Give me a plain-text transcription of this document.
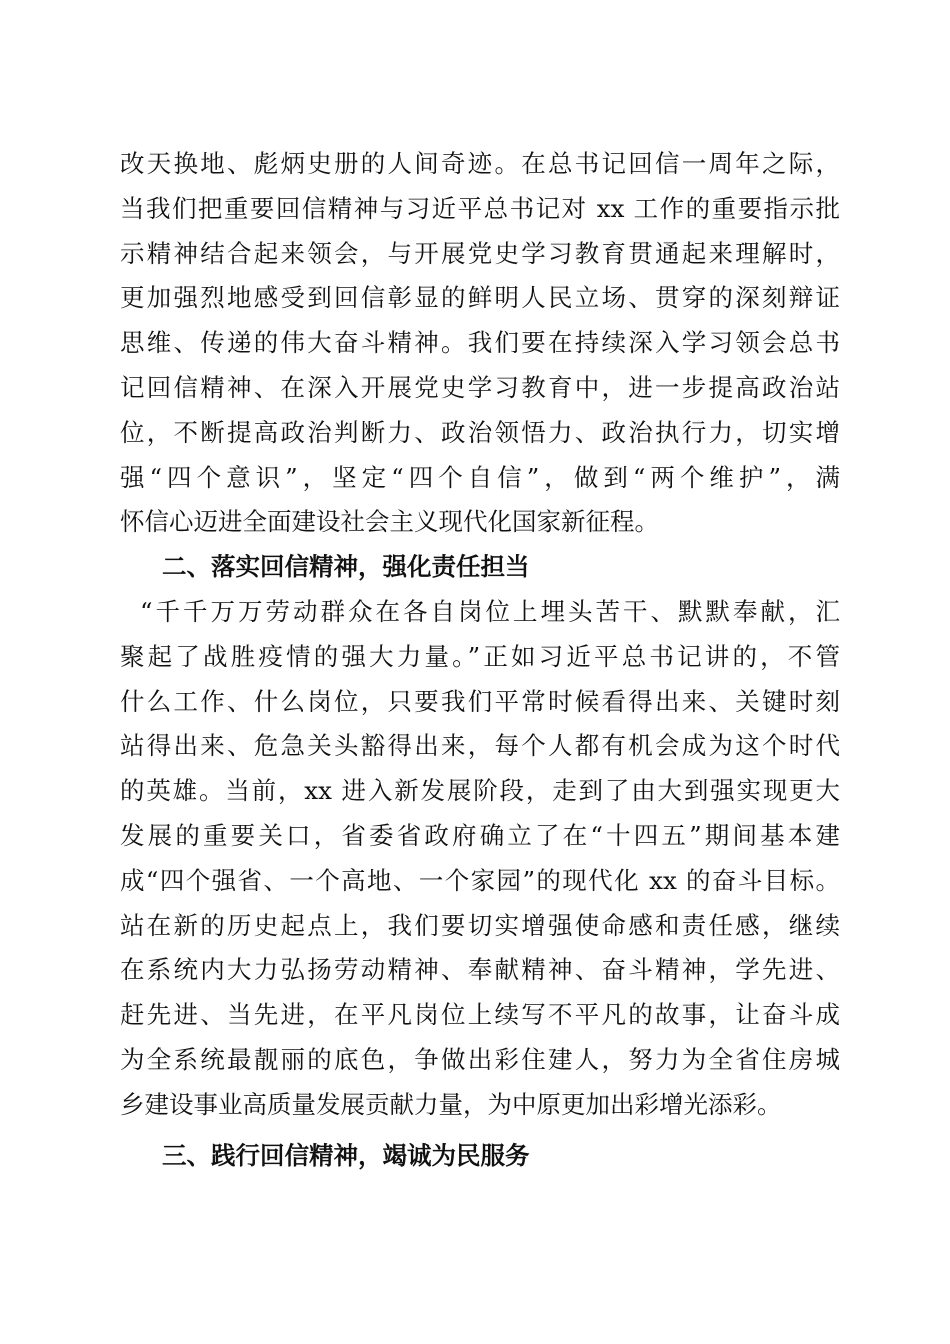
改天换地、彪炳史册的人间奇迹。在总书记回信一周年之际，
当我们把重要回信精神与习近平总书记对 xx 工作的重要指示批
示精神结合起来领会，与开展党史学习教育贯通起来理解时，
更加强烈地感受到回信彰显的鲜明人民立场、贯穿的深刻辩证
思维、传递的伟大奋斗精神。我们要在持续深入学习领会总书
记回信精神、在深入开展党史学习教育中，进一步提高政治站
位，不断提高政治判断力、政治领悟力、政治执行力，切实增
强“四个意识”，坚定“四个自信”，做到“两个维护”，满
怀信心迈进全面建设社会主义现代化国家新征程。
二、落实回信精神，强化责任担当
“千千万万劳动群众在各自岗位上埋头苦干、默默奉献，汇
聚起了战胜疫情的强大力量。”正如习近平总书记讲的，不管
什么工作、什么岗位，只要我们平常时候看得出来、关键时刻
站得出来、危急关头豁得出来，每个人都有机会成为这个时代
的英雄。当前，xx 进入新发展阶段，走到了由大到强实现更大
发展的重要关口，省委省政府确立了在“十四五”期间基本建
成“四个强省、一个高地、一个家园”的现代化 xx 的奋斗目标。
站在新的历史起点上，我们要切实增强使命感和责任感，继续
在系统内大力弘扬劳动精神、奉献精神、奋斗精神，学先进、
赶先进、当先进，在平凡岗位上续写不平凡的故事，让奋斗成
为全系统最靓丽的底色，争做出彩住建人，努力为全省住房城
乡建设事业高质量发展贡献力量，为中原更加出彩增光添彩。
三、践行回信精神，竭诚为民服务
